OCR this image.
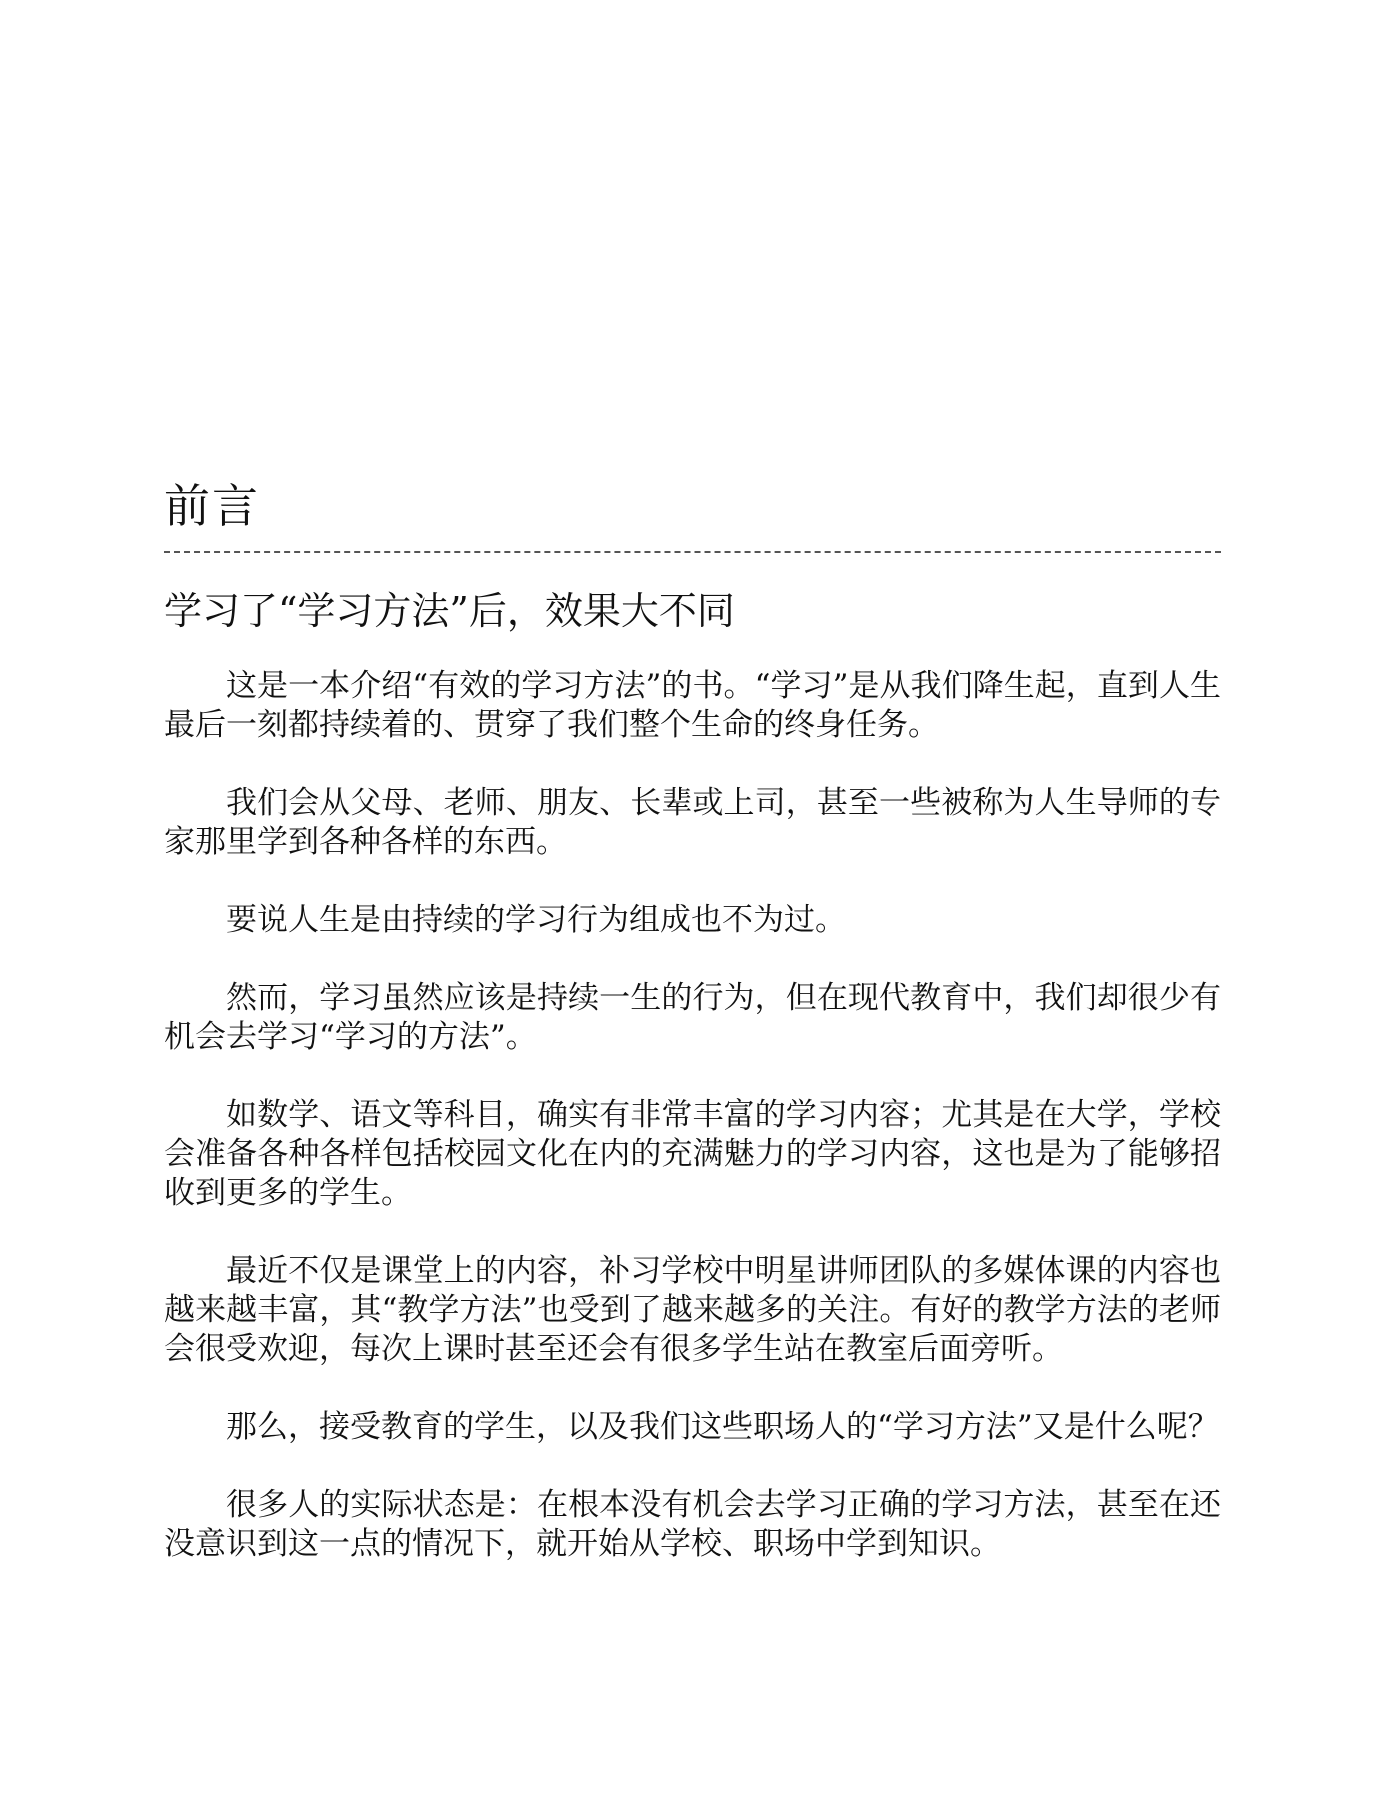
前言
学习了“学习方法”后，效果大不同

这是一本介绍“有效的学习方法”的书。“学习”是从我们降生起，直到人生最后一刻都持续着的、贯穿了我们整个生命的终身任务。

我们会从父母、老师、朋友、长辈或上司，甚至一些被称为人生导师的专家那里学到各种各样的东西。

要说人生是由持续的学习行为组成也不为过。

然而，学习虽然应该是持续一生的行为，但在现代教育中，我们却很少有机会去学习“学习的方法”。

如数学、语文等科目，确实有非常丰富的学习内容；尤其是在大学，学校会准备各种各样包括校园文化在内的充满魅力的学习内容，这也是为了能够招收到更多的学生。

最近不仅是课堂上的内容，补习学校中明星讲师团队的多媒体课的内容也越来越丰富，其“教学方法”也受到了越来越多的关注。有好的教学方法的老师会很受欢迎，每次上课时甚至还会有很多学生站在教室后面旁听。

那么，接受教育的学生，以及我们这些职场人的“学习方法”又是什么呢？

很多人的实际状态是：在根本没有机会去学习正确的学习方法，甚至在还没意识到这一点的情况下，就开始从学校、职场中学到知识。
